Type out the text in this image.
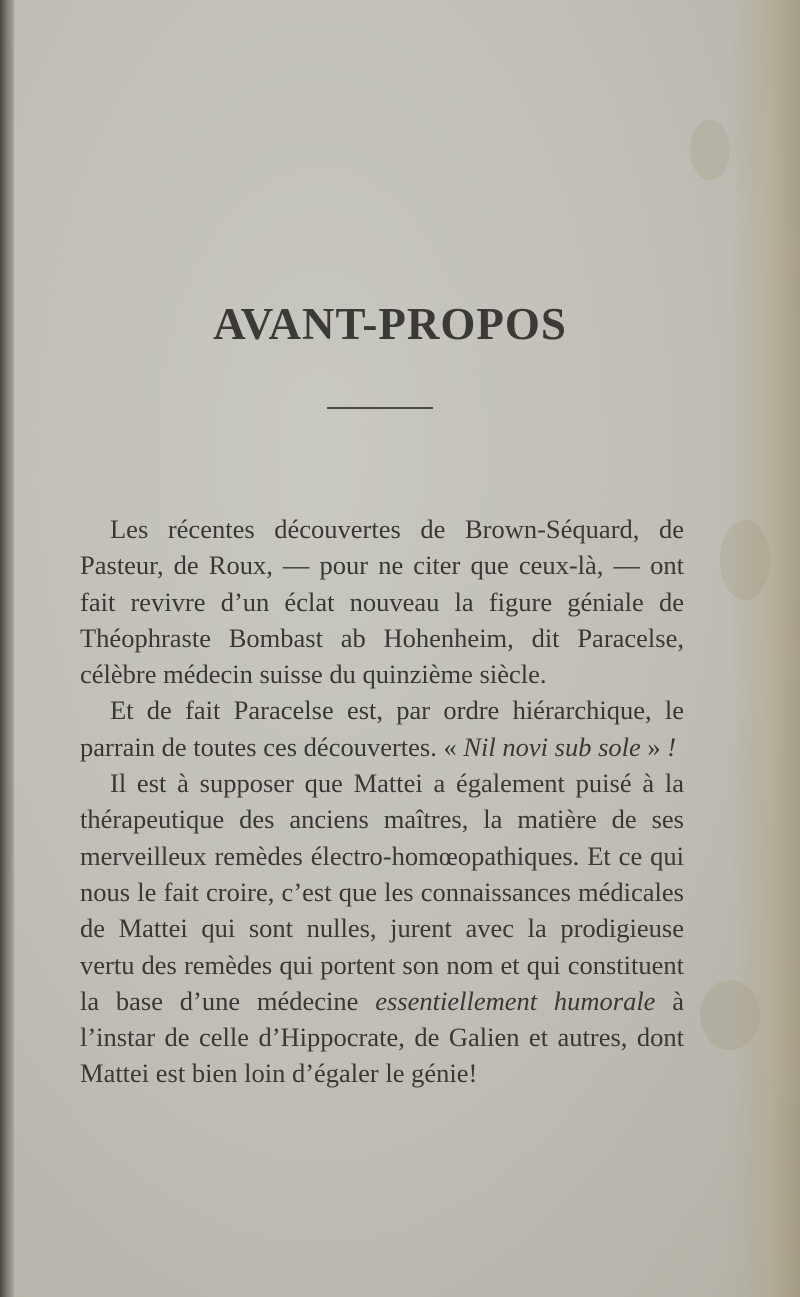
AVANT-PROPOS

Les récentes découvertes de Brown-Séquard, de Pasteur, de Roux, — pour ne citer que ceux-là, — ont fait revivre d’un éclat nouveau la figure géniale de Théophraste Bombast ab Hohenheim, dit Paracelse, célèbre médecin suisse du quinzième siècle.

Et de fait Paracelse est, par ordre hiérarchique, le parrain de toutes ces découvertes. « Nil novi sub sole » !

Il est à supposer que Mattei a également puisé à la thérapeutique des anciens maîtres, la matière de ses merveilleux remèdes électro-homœopathiques. Et ce qui nous le fait croire, c’est que les connaissances médicales de Mattei qui sont nulles, jurent avec la prodigieuse vertu des remèdes qui portent son nom et qui constituent la base d’une médecine essentiellement humorale à l’instar de celle d’Hippocrate, de Galien et autres, dont Mattei est bien loin d’égaler le génie!
